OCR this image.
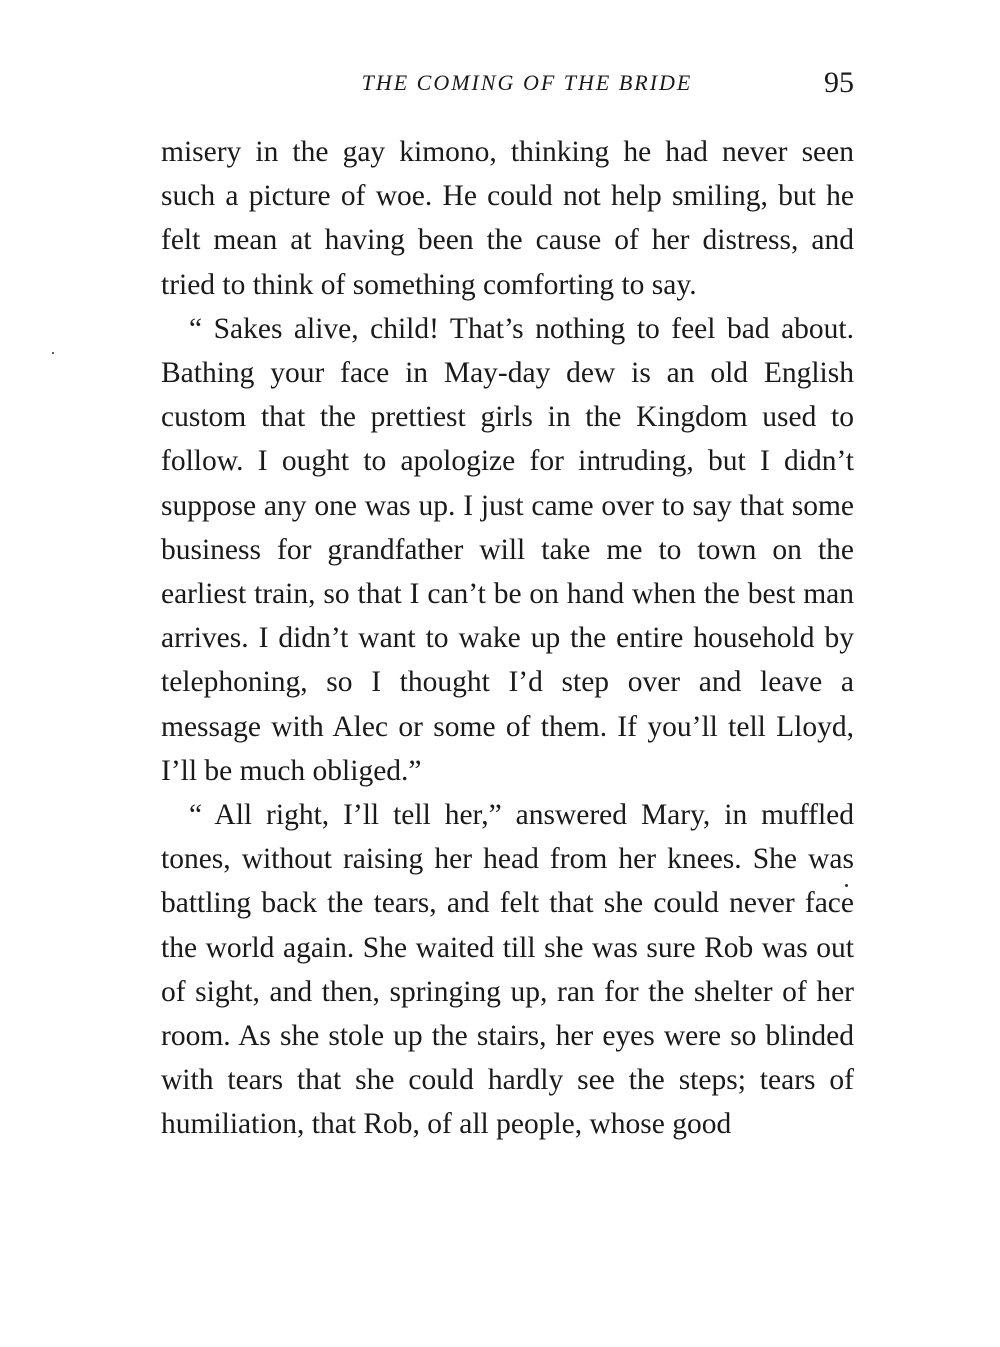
THE COMING OF THE BRIDE	95

misery in the gay kimono, thinking he had never seen such a picture of woe. He could not help smiling, but he felt mean at having been the cause of her distress, and tried to think of something comforting to say.

“ Sakes alive, child! That’s nothing to feel bad about. Bathing your face in May-day dew is an old English custom that the prettiest girls in the Kingdom used to follow. I ought to apologize for intruding, but I didn’t suppose any one was up. I just came over to say that some business for grandfather will take me to town on the earliest train, so that I can’t be on hand when the best man arrives. I didn’t want to wake up the entire household by telephoning, so I thought I’d step over and leave a message with Alec or some of them. If you’ll tell Lloyd, I’ll be much obliged.”

“ All right, I’ll tell her,” answered Mary, in muffled tones, without raising her head from her knees. She was battling back the tears, and felt that she could never face the world again. She waited till she was sure Rob was out of sight, and then, springing up, ran for the shelter of her room. As she stole up the stairs, her eyes were so blinded with tears that she could hardly see the steps; tears of humiliation, that Rob, of all people, whose good
